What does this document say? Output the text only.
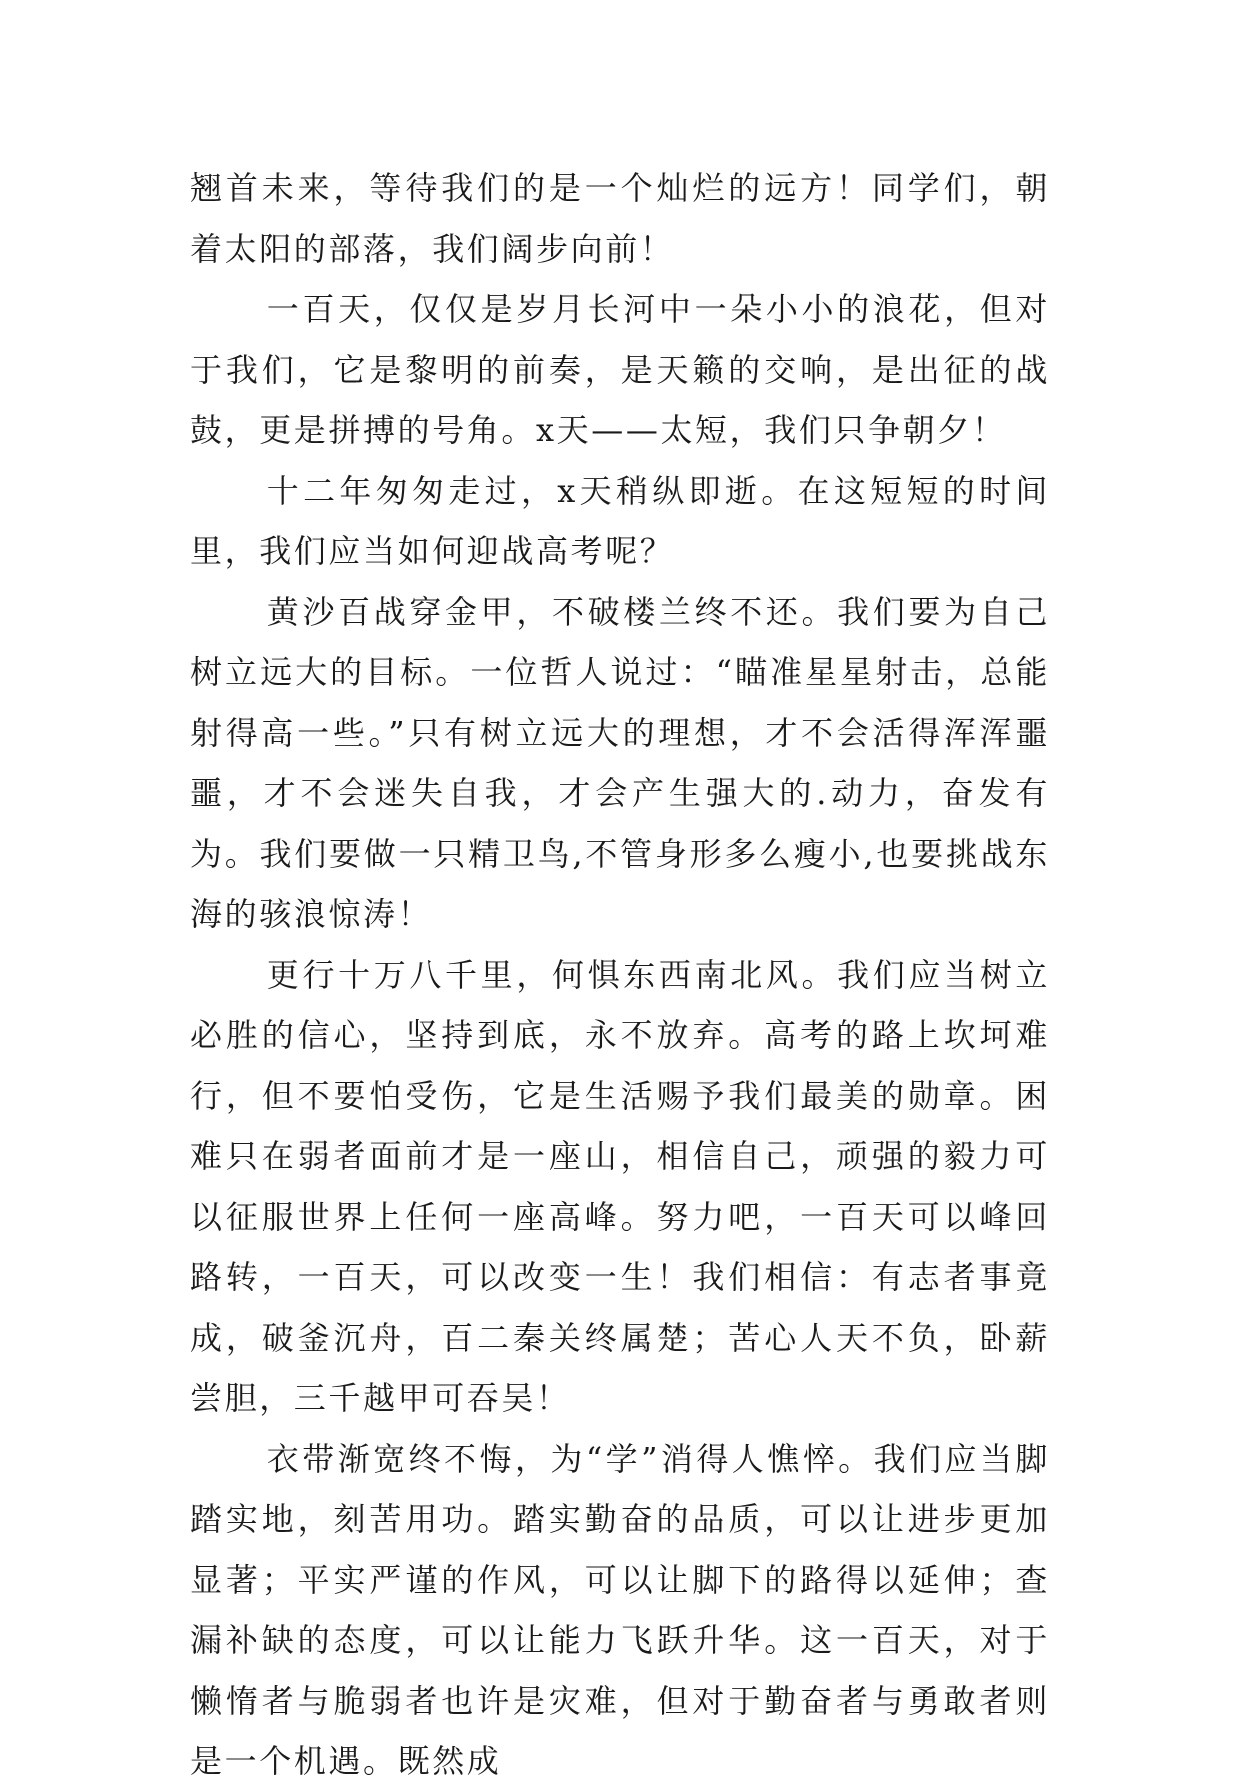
翘首未来，等待我们的是一个灿烂的远方！同学们，朝着太阳的部落，我们阔步向前！

一百天，仅仅是岁月长河中一朵小小的浪花，但对于我们，它是黎明的前奏，是天籁的交响，是出征的战鼓，更是拼搏的号角。x天——太短，我们只争朝夕！

十二年匆匆走过，x天稍纵即逝。在这短短的时间里，我们应当如何迎战高考呢？

黄沙百战穿金甲，不破楼兰终不还。我们要为自己树立远大的目标。一位哲人说过：“瞄准星星射击，总能射得高一些。”只有树立远大的理想，才不会活得浑浑噩噩，才不会迷失自我，才会产生强大的.动力，奋发有为。我们要做一只精卫鸟,不管身形多么瘦小,也要挑战东海的骇浪惊涛！

更行十万八千里，何惧东西南北风。我们应当树立必胜的信心，坚持到底，永不放弃。高考的路上坎坷难行，但不要怕受伤，它是生活赐予我们最美的勋章。困难只在弱者面前才是一座山，相信自己，顽强的毅力可以征服世界上任何一座高峰。努力吧，一百天可以峰回路转，一百天，可以改变一生！我们相信：有志者事竟成，破釜沉舟，百二秦关终属楚；苦心人天不负，卧薪尝胆，三千越甲可吞吴！

衣带渐宽终不悔，为“学”消得人憔悴。我们应当脚踏实地，刻苦用功。踏实勤奋的品质，可以让进步更加显著；平实严谨的作风，可以让脚下的路得以延伸；查漏补缺的态度，可以让能力飞跃升华。这一百天，对于懒惰者与脆弱者也许是灾难，但对于勤奋者与勇敢者则是一个机遇。既然成
